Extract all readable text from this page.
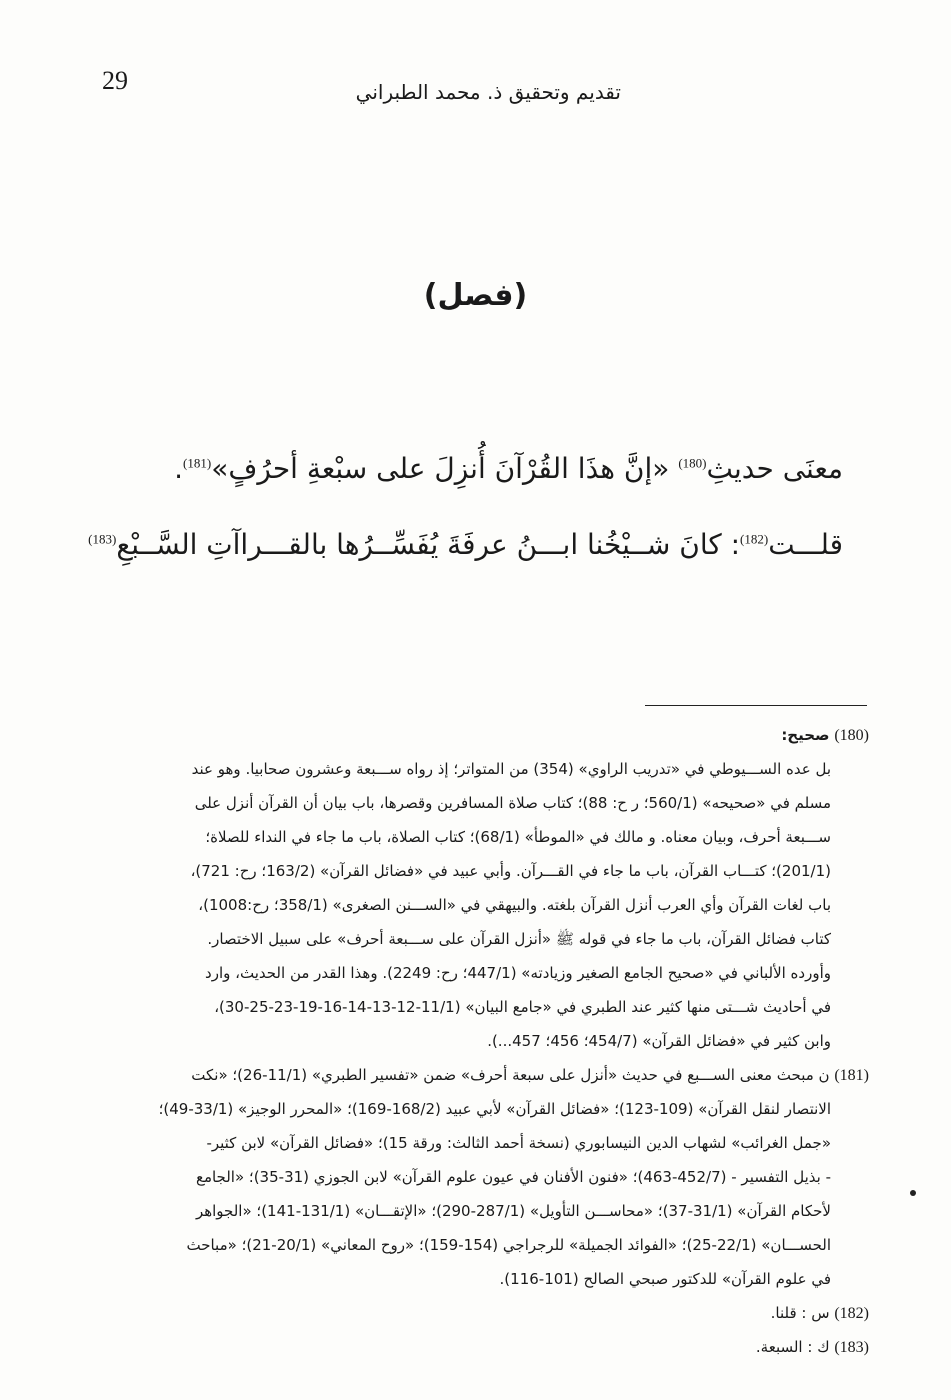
29	تقديم وتحقيق ذ. محمد الطبراني
(فصل)
معنَى حديثِ$^{(180)}$ «إنَّ هذَا القُرْآنَ أُنزِلَ على سبْعةِ أحرُفٍ»$^{(181)}$.
قلـــت$^{(182)}$: كانَ شــيْخُنا ابـــنُ عرفَةَ يُفَسِّــرُها بالقـــراآتِ السَّــبْعِ$^{(183)}$
(180) صحيح:
بل عده الســـيوطي في «تدريب الراوي» (354) من المتواتر؛ إذ رواه ســـبعة وعشرون صحابيا. وهو عند
مسلم في «صحيحه» (560/1؛ ر ح: 88)؛ كتاب صلاة المسافرين وقصرها، باب بيان أن القرآن أنزل على
ســـبعة أحرف، وبيان معناه. و مالك في «الموطأ» (68/1)؛ كتاب الصلاة، باب ما جاء في النداء للصلاة؛
(201/1)؛ كتـــاب القرآن، باب ما جاء في القـــرآن. وأبي عبيد في «فضائل القرآن» (163/2؛ رح: 721)،
باب لغات القرآن وأي العرب أنزل القرآن بلغته. والبيهقي في «الســـنن الصغرى» (358/1؛ رح:1008)،
كتاب فضائل القرآن، باب ما جاء في قوله ﷺ «أنزل القرآن على ســـبعة أحرف» على سبيل الاختصار.
وأورده الألباني في «صحيح الجامع الصغير وزيادته» (447/1؛ رح: 2249). وهذا القدر من الحديث، وارد
في أحاديث شـــتى منها كثير عند الطبري في «جامع البيان» (11/1-12-13-14-16-19-23-25-30)،
وابن كثير في «فضائل القرآن» (454/7؛ 456؛ 457...).
(181) ن مبحث معنى الســـبع في حديث «أنزل على سبعة أحرف» ضمن «تفسير الطبري» (11/1-26)؛ «نكت
الانتصار لنقل القرآن» (109-123)؛ «فضائل القرآن» لأبي عبيد (168/2-169)؛ «المحرر الوجيز» (33/1-49)؛
«جمل الغرائب» لشهاب الدين النيسابوري (نسخة أحمد الثالث: ورقة 15)؛ «فضائل القرآن» لابن كثير-
- بذيل التفسير - (452/7-463)؛ «فنون الأفنان في عيون علوم القرآن» لابن الجوزي (31-35)؛ «الجامع
لأحكام القرآن» (31/1-37)؛ «محاســـن التأويل» (287/1-290)؛ «الإتقـــان» (131/1-141)؛ «الجواهر
الحســـان» (22/1-25)؛ «الفوائد الجميلة» للرجراجي (154-159)؛ «روح المعاني» (20/1-21)؛ «مباحث
في علوم القرآن» للدكتور صبحي الصالح (101-116).
(182) س : قلنا.
(183) ك : السبعة.
